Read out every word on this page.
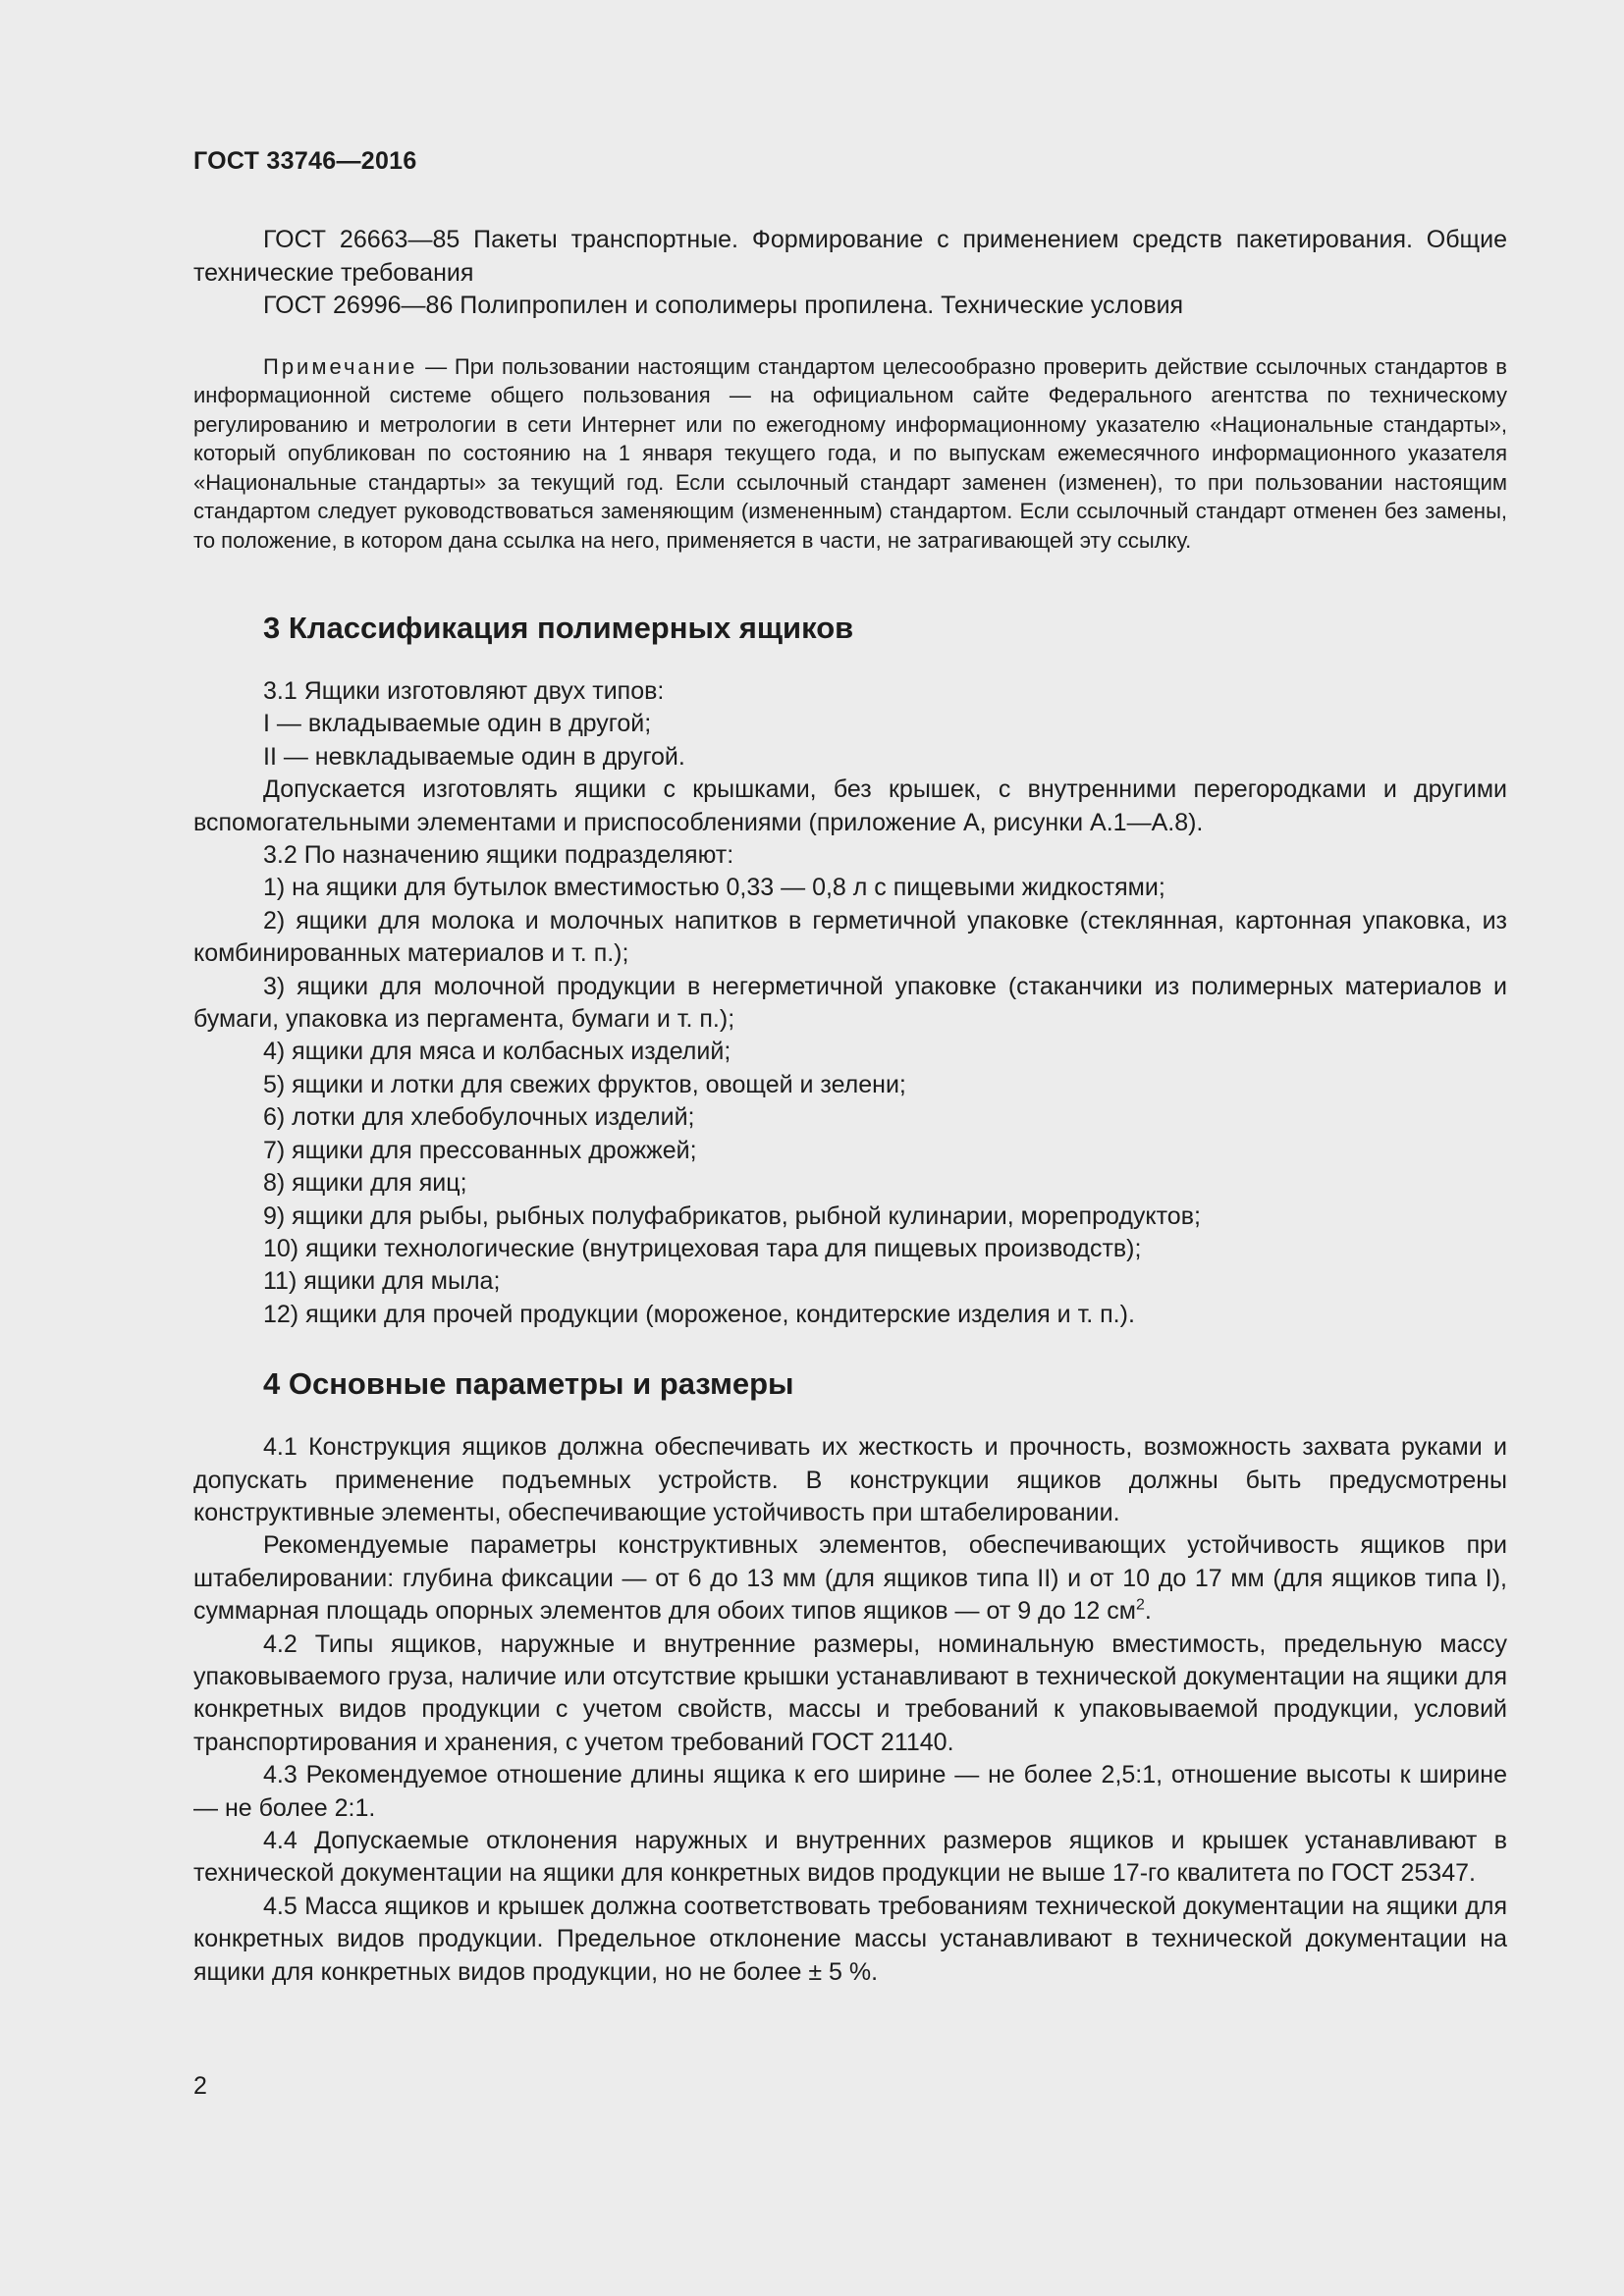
ГОСТ 33746—2016

ГОСТ 26663—85 Пакеты транспортные. Формирование с применением средств пакетирования. Общие технические требования

ГОСТ 26996—86 Полипропилен и сополимеры пропилена. Технические условия

Примечание — При пользовании настоящим стандартом целесообразно проверить действие ссылочных стандартов в информационной системе общего пользования — на официальном сайте Федерального агентства по техническому регулированию и метрологии в сети Интернет или по ежегодному информационному указателю «Национальные стандарты», который опубликован по состоянию на 1 января текущего года, и по выпускам ежемесячного информационного указателя «Национальные стандарты» за текущий год. Если ссылочный стандарт заменен (изменен), то при пользовании настоящим стандартом следует руководствоваться заменяющим (измененным) стандартом. Если ссылочный стандарт отменен без замены, то положение, в котором дана ссылка на него, применяется в части, не затрагивающей эту ссылку.

3 Классификация полимерных ящиков

3.1 Ящики изготовляют двух типов:

I — вкладываемые один в другой;

II — невкладываемые один в другой.

Допускается изготовлять ящики с крышками, без крышек, с внутренними перегородками и другими вспомогательными элементами и приспособлениями (приложение А, рисунки А.1—А.8).

3.2 По назначению ящики подразделяют:

1) на ящики для бутылок вместимостью 0,33 — 0,8 л с пищевыми жидкостями;

2) ящики для молока и молочных напитков в герметичной упаковке (стеклянная, картонная упаковка, из комбинированных материалов и т. п.);

3) ящики для молочной продукции в негерметичной упаковке (стаканчики из полимерных материалов и бумаги, упаковка из пергамента, бумаги и т. п.);

4) ящики для мяса и колбасных изделий;

5) ящики и лотки для свежих фруктов, овощей и зелени;

6) лотки для хлебобулочных изделий;

7) ящики для прессованных дрожжей;

8) ящики для яиц;

9) ящики для рыбы, рыбных полуфабрикатов, рыбной кулинарии, морепродуктов;

10) ящики технологические (внутрицеховая тара для пищевых производств);

11) ящики для мыла;

12) ящики для прочей продукции (мороженое, кондитерские изделия и т. п.).

4 Основные параметры и размеры

4.1 Конструкция ящиков должна обеспечивать их жесткость и прочность, возможность захвата руками и допускать применение подъемных устройств. В конструкции ящиков должны быть предусмотрены конструктивные элементы, обеспечивающие устойчивость при штабелировании.

Рекомендуемые параметры конструктивных элементов, обеспечивающих устойчивость ящиков при штабелировании: глубина фиксации — от 6 до 13 мм (для ящиков типа II) и от 10 до 17 мм (для ящиков типа I), суммарная площадь опорных элементов для обоих типов ящиков — от 9 до 12 $см^2$.

4.2 Типы ящиков, наружные и внутренние размеры, номинальную вместимость, предельную массу упаковываемого груза, наличие или отсутствие крышки устанавливают в технической документации на ящики для конкретных видов продукции с учетом свойств, массы и требований к упаковываемой продукции, условий транспортирования и хранения, с учетом требований ГОСТ 21140.

4.3 Рекомендуемое отношение длины ящика к его ширине — не более 2,5:1, отношение высоты к ширине — не более 2:1.

4.4 Допускаемые отклонения наружных и внутренних размеров ящиков и крышек устанавливают в технической документации на ящики для конкретных видов продукции не выше 17-го квалитета по ГОСТ 25347.

4.5 Масса ящиков и крышек должна соответствовать требованиям технической документации на ящики для конкретных видов продукции. Предельное отклонение массы устанавливают в технической документации на ящики для конкретных видов продукции, но не более ± 5 %.

2
